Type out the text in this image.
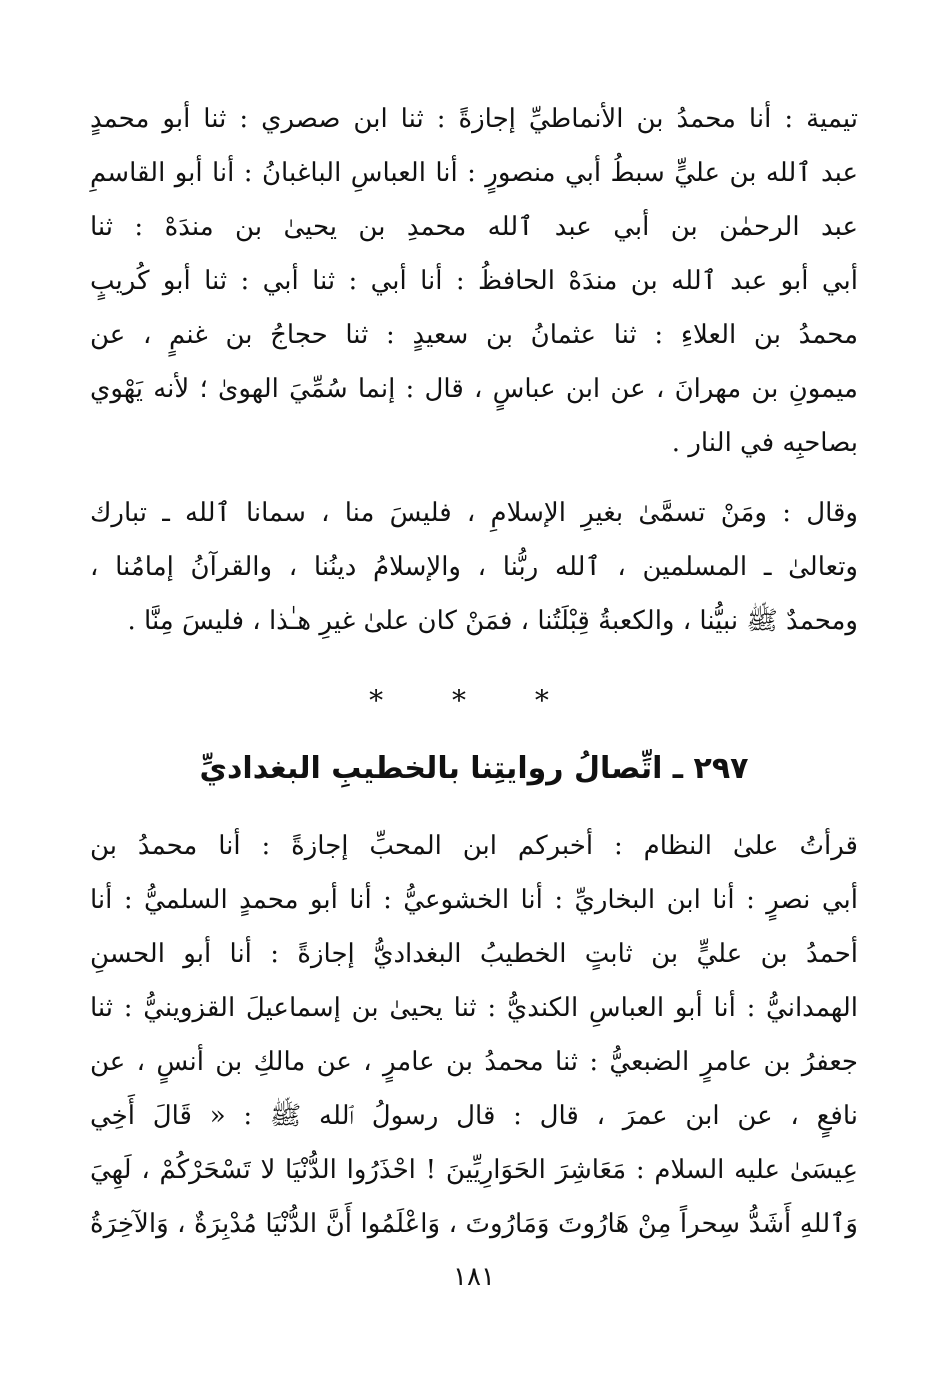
تيمية : أنا محمدُ بن الأنماطيِّ إجازةً : ثنا ابن صصري : ثنا أبو محمدٍ
عبد ٱلله بن عليٍّ سبطُ أبي منصورٍ : أنا العباسِ الباغبانُ : أنا أبو القاسمِ
عبد الرحمٰن بن أبي عبد ٱلله محمدِ بن يحيىٰ بن مندَهْ : ثنا
أبي أبو عبد ٱلله بن مندَهْ الحافظُ : أنا أبي : ثنا أبي : ثنا أبو كُريبٍ
محمدُ بن العلاءِ : ثنا عثمانُ بن سعيدٍ : ثنا حجاجُ بن غنمٍ ، عن
ميمونِ بن مهرانَ ، عن ابن عباسٍ ، قال : إنما سُمِّيَ الهوىٰ ؛ لأنه يَهْوي
بصاحبِه في النار .

وقال : ومَنْ تسمَّىٰ بغيرِ الإسلامِ ، فليسَ منا ، سمانا ٱلله ـ تبارك
وتعالىٰ ـ المسلمين ، ٱلله ربُّنا ، والإسلامُ دينُنا ، والقرآنُ إمامُنا ،
ومحمدٌ ﷺ نبيُّنا ، والكعبةُ قِبْلَتُنا ، فمَنْ كان علىٰ غيرِ هـٰذا ، فليسَ مِنَّا .

* * *
٢٩٧ ـ اتِّصالُ روايتِنا بالخطيبِ البغداديِّ

قرأتُ علىٰ النظام : أخبركم ابن المحبِّ إجازةً : أنا محمدُ بن
أبي نصرٍ : أنا ابن البخاريِّ : أنا الخشوعيُّ : أنا أبو محمدٍ السلميُّ : أنا
أحمدُ بن عليٍّ بن ثابتٍ الخطيبُ البغداديُّ إجازةً : أنا أبو الحسنِ
الهمدانيُّ : أنا أبو العباسِ الكنديُّ : ثنا يحيىٰ بن إسماعيلَ القزوينيُّ : ثنا
جعفرُ بن عامرٍ الضبعيُّ : ثنا محمدُ بن عامرٍ ، عن مالكِ بن أنسٍ ، عن
نافعٍ ، عن ابن عمرَ ، قال : قال رسولُ ٱلله ﷺ : « قَالَ أَخِي
عِيسَىٰ عليه السلام : مَعَاشِرَ الحَوَارِيِّينَ ! احْذَرُوا الدُّنْيَا لا تَسْحَرْكُمْ ، لَهِيَ
وَٱللهِ أَشَدُّ سِحراً مِنْ هَارُوتَ وَمَارُوتَ ، وَاعْلَمُوا أَنَّ الدُّنْيَا مُدْبِرَةٌ ، وَالآخِرَةُ

١٨١
